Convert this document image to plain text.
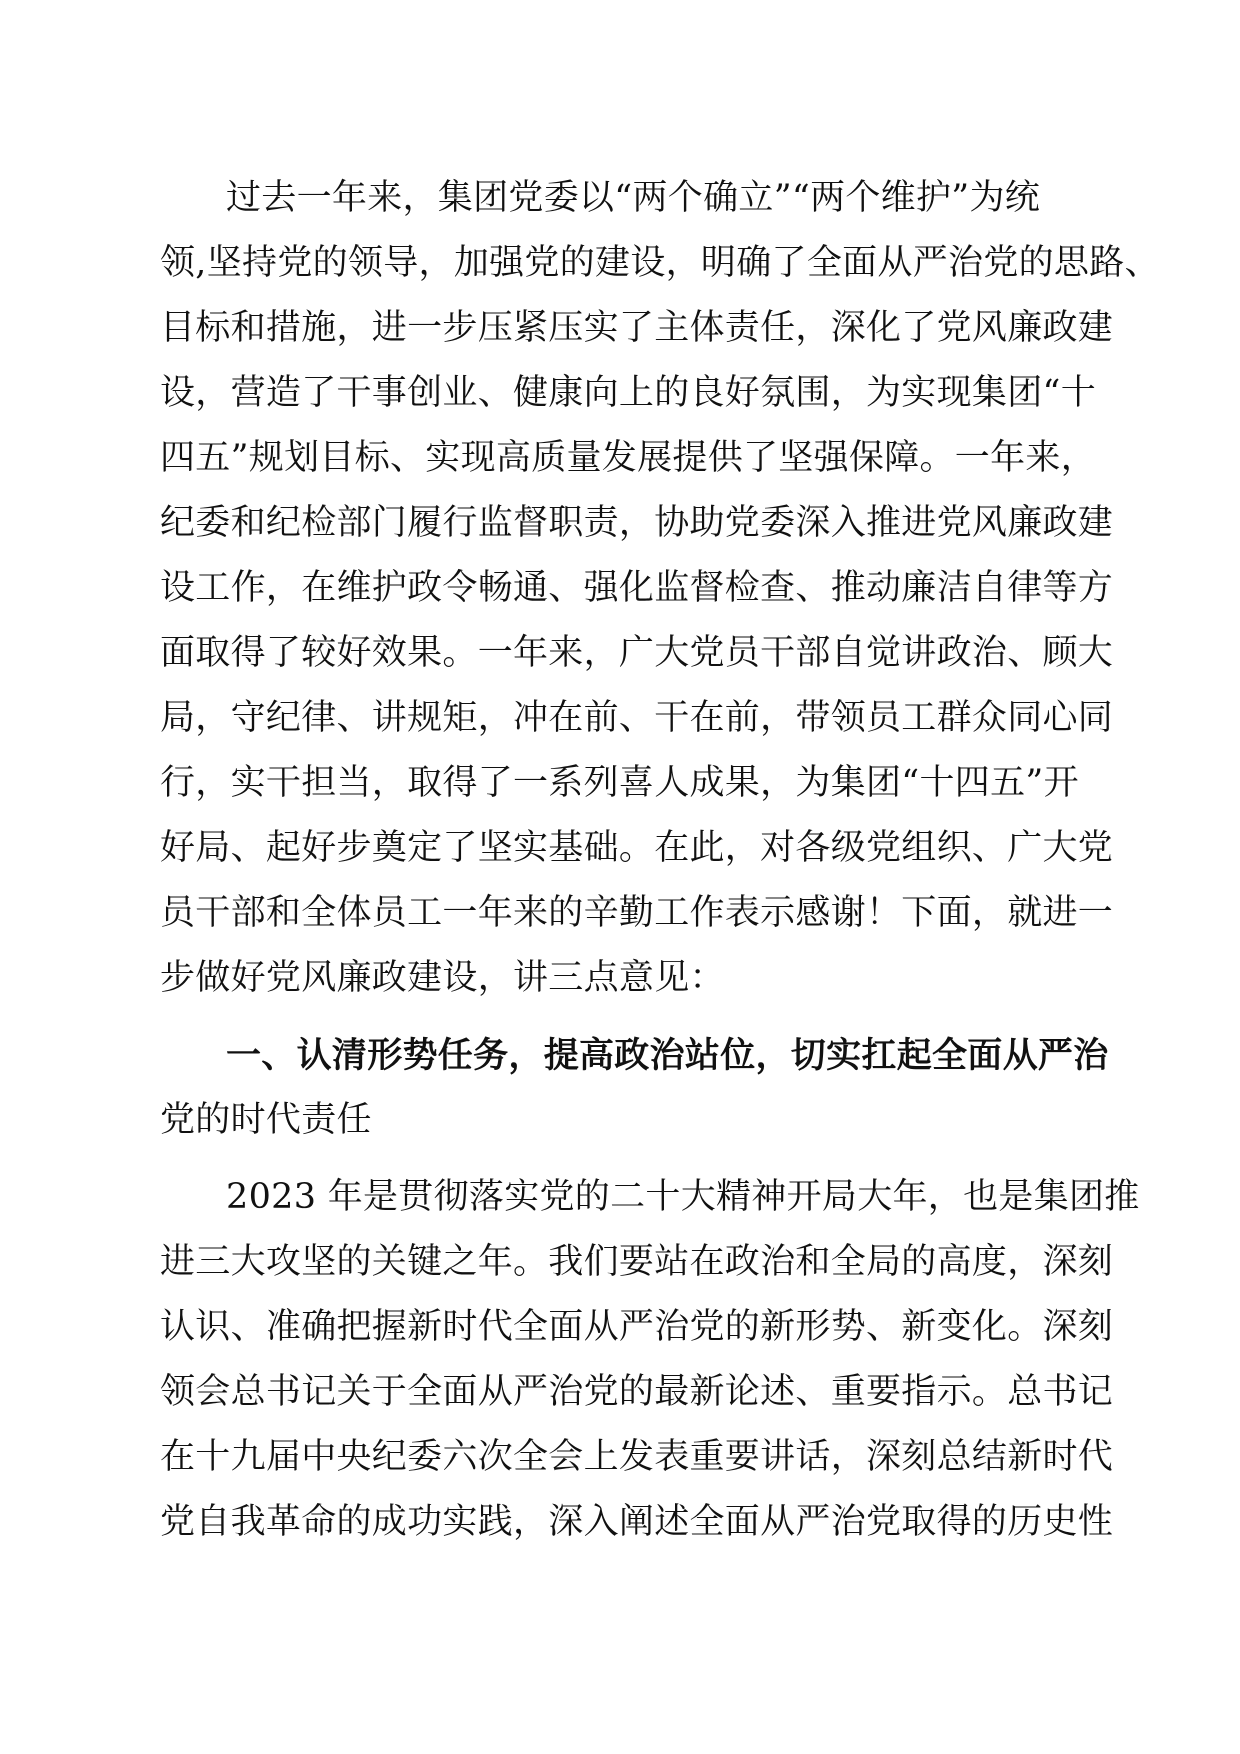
过去一年来，集团党委以“两个确立”“两个维护”为统
领,坚持党的领导，加强党的建设，明确了全面从严治党的思路、
目标和措施，进一步压紧压实了主体责任，深化了党风廉政建
设，营造了干事创业、健康向上的良好氛围，为实现集团“十
四五”规划目标、实现高质量发展提供了坚强保障。一年来，
纪委和纪检部门履行监督职责，协助党委深入推进党风廉政建
设工作，在维护政令畅通、强化监督检查、推动廉洁自律等方
面取得了较好效果。一年来，广大党员干部自觉讲政治、顾大
局，守纪律、讲规矩，冲在前、干在前，带领员工群众同心同
行，实干担当，取得了一系列喜人成果，为集团“十四五”开
好局、起好步奠定了坚实基础。在此，对各级党组织、广大党
员干部和全体员工一年来的辛勤工作表示感谢！下面，就进一
步做好党风廉政建设，讲三点意见：
一、认清形势任务，提高政治站位，切实扛起全面从严治
党的时代责任
2023 年是贯彻落实党的二十大精神开局大年，也是集团推
进三大攻坚的关键之年。我们要站在政治和全局的高度，深刻
认识、准确把握新时代全面从严治党的新形势、新变化。深刻
领会总书记关于全面从严治党的最新论述、重要指示。总书记
在十九届中央纪委六次全会上发表重要讲话，深刻总结新时代
党自我革命的成功实践，深入阐述全面从严治党取得的历史性
